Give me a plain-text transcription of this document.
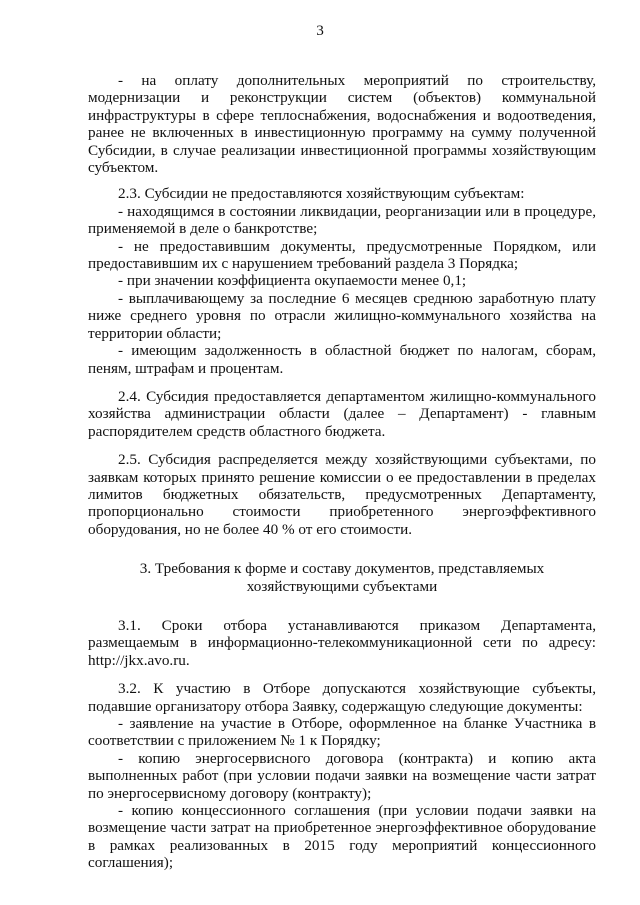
3

- на оплату дополнительных мероприятий по строительству, модернизации и реконструкции систем (объектов) коммунальной инфраструктуры в сфере теплоснабжения, водоснабжения и водоотведения, ранее не включенных в инвестиционную программу на сумму полученной Субсидии, в случае реализации инвестиционной программы хозяйствующим субъектом.

2.3. Субсидии не предоставляются хозяйствующим субъектам:

- находящимся в состоянии ликвидации, реорганизации или в процедуре, применяемой в деле о банкротстве;

- не предоставившим документы, предусмотренные Порядком, или предоставившим их с нарушением требований раздела 3 Порядка;

- при значении коэффициента окупаемости менее 0,1;

- выплачивающему за последние 6 месяцев среднюю заработную плату ниже среднего уровня по отрасли жилищно-коммунального хозяйства на территории области;

- имеющим задолженность в областной бюджет по налогам, сборам, пеням, штрафам и процентам.

2.4. Субсидия предоставляется департаментом жилищно-коммунального хозяйства администрации области (далее – Департамент) - главным распорядителем средств областного бюджета.

2.5. Субсидия распределяется между хозяйствующими субъектами, по заявкам которых принято решение комиссии о ее предоставлении в пределах лимитов бюджетных обязательств, предусмотренных Департаменту, пропорционально стоимости приобретенного энергоэффективного оборудования, но не более 40 % от его стоимости.

3. Требования к форме и составу документов, представляемых
хозяйствующими субъектами

3.1. Сроки отбора устанавливаются приказом Департамента, размещаемым в информационно-телекоммуникационной сети по адресу: http://jkx.avo.ru.

3.2. К участию в Отборе допускаются хозяйствующие субъекты, подавшие организатору отбора Заявку, содержащую следующие документы:

- заявление на участие в Отборе, оформленное на бланке Участника в соответствии с приложением № 1 к Порядку;

- копию энергосервисного договора (контракта) и копию акта выполненных работ (при условии подачи заявки на возмещение части затрат по энергосервисному договору (контракту);

- копию концессионного соглашения (при условии подачи заявки на возмещение части затрат на приобретенное энергоэффективное оборудование в рамках реализованных в 2015 году мероприятий концессионного соглашения);
